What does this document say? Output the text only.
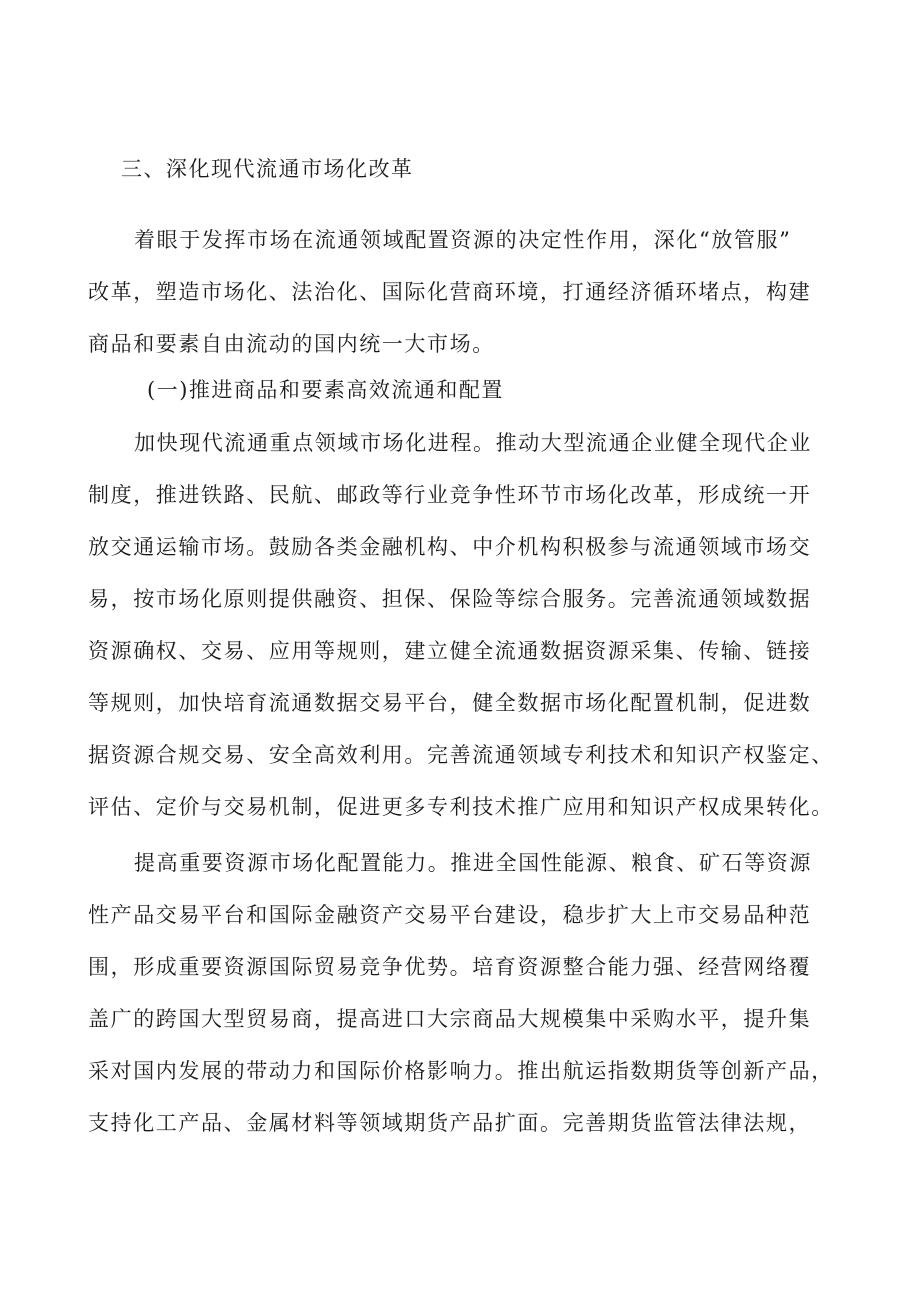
三、深化现代流通市场化改革
着眼于发挥市场在流通领域配置资源的决定性作用，深化“放管服”
改革，塑造市场化、法治化、国际化营商环境，打通经济循环堵点，构建
商品和要素自由流动的国内统一大市场。
(一)推进商品和要素高效流通和配置
加快现代流通重点领域市场化进程。推动大型流通企业健全现代企业
制度，推进铁路、民航、邮政等行业竞争性环节市场化改革，形成统一开
放交通运输市场。鼓励各类金融机构、中介机构积极参与流通领域市场交
易，按市场化原则提供融资、担保、保险等综合服务。完善流通领域数据
资源确权、交易、应用等规则，建立健全流通数据资源采集、传输、链接
等规则，加快培育流通数据交易平台，健全数据市场化配置机制，促进数
据资源合规交易、安全高效利用。完善流通领域专利技术和知识产权鉴定、
评估、定价与交易机制，促进更多专利技术推广应用和知识产权成果转化。
提高重要资源市场化配置能力。推进全国性能源、粮食、矿石等资源
性产品交易平台和国际金融资产交易平台建设，稳步扩大上市交易品种范
围，形成重要资源国际贸易竞争优势。培育资源整合能力强、经营网络覆
盖广的跨国大型贸易商，提高进口大宗商品大规模集中采购水平，提升集
采对国内发展的带动力和国际价格影响力。推出航运指数期货等创新产品，
支持化工产品、金属材料等领域期货产品扩面。完善期货监管法律法规，
